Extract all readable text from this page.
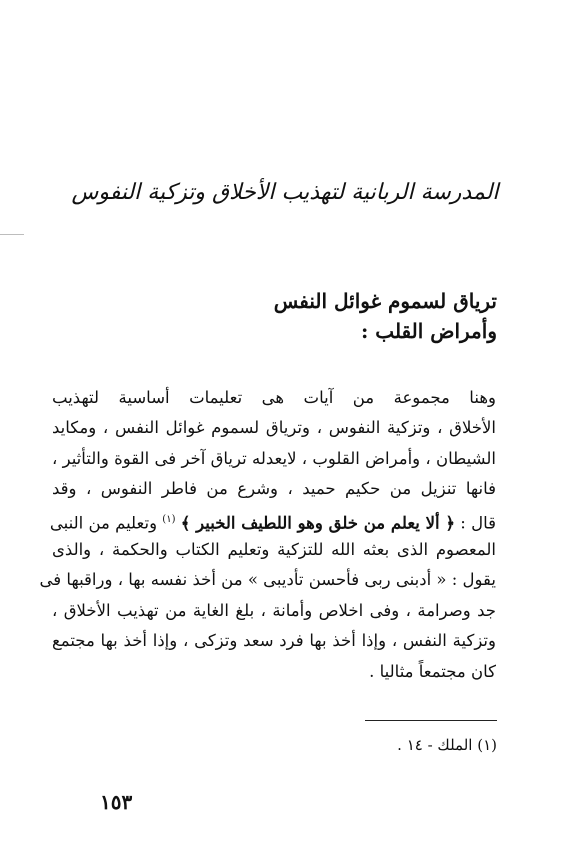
المدرسة الربانية لتهذيب الأخلاق وتزكية النفوس
ترياق لسموم غوائل النفس
وأمراض القلب :
وهنا مجموعة من آيات هى تعليمات أساسية لتهذيب
الأخلاق ، وتزكية النفوس ، وترياق لسموم غوائل النفس ، ومكايد
الشيطان ، وأمراض القلوب ، لايعدله ترياق آخر فى القوة والتأثير ،
فانها تنزيل من حكيم حميد ، وشرع من فاطر النفوس ، وقد
قال : ﴿ ألا يعلم من خلق وهو اللطيف الخبير ﴾ $^{(١)}$ وتعليم من النبى
المعصوم الذى بعثه الله للتزكية وتعليم الكتاب والحكمة ، والذى
يقول : « أدبنى ربى فأحسن تأديبى » من أخذ نفسه بها ، وراقبها فى
جد وصرامة ، وفى اخلاص وأمانة ، بلغ الغاية من تهذيب الأخلاق ،
وتزكية النفس ، وإذا أخذ بها فرد سعد وتزكى ، وإذا أخذ بها مجتمع
كان مجتمعاً مثاليا .
(١) الملك - ١٤ .
١٥٣
